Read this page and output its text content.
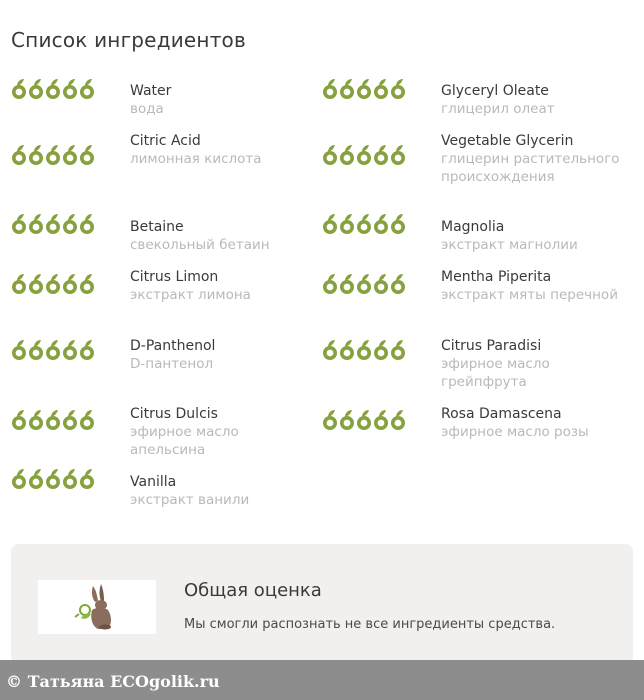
Список ингредиентов
Water
вода
Citric Acid
лимонная кислота
Betaine
свекольный бетаин
Citrus Limon
экстракт лимона
D-Panthenol
D-пантенол
Citrus Dulcis
эфирное масло апельсина
Vanilla
экстракт ванили
Glyceryl Oleate
глицерил олеат
Vegetable Glycerin
глицерин растительного происхождения
Magnolia
экстракт магнолии
Mentha Piperita
экстракт мяты перечной
Citrus Paradisi
эфирное масло грейпфрута
Rosa Damascena
эфирное масло розы
Общая оценка
Мы смогли распознать не все ингредиенты средства.
© Татьяна ECOgolik.ru
